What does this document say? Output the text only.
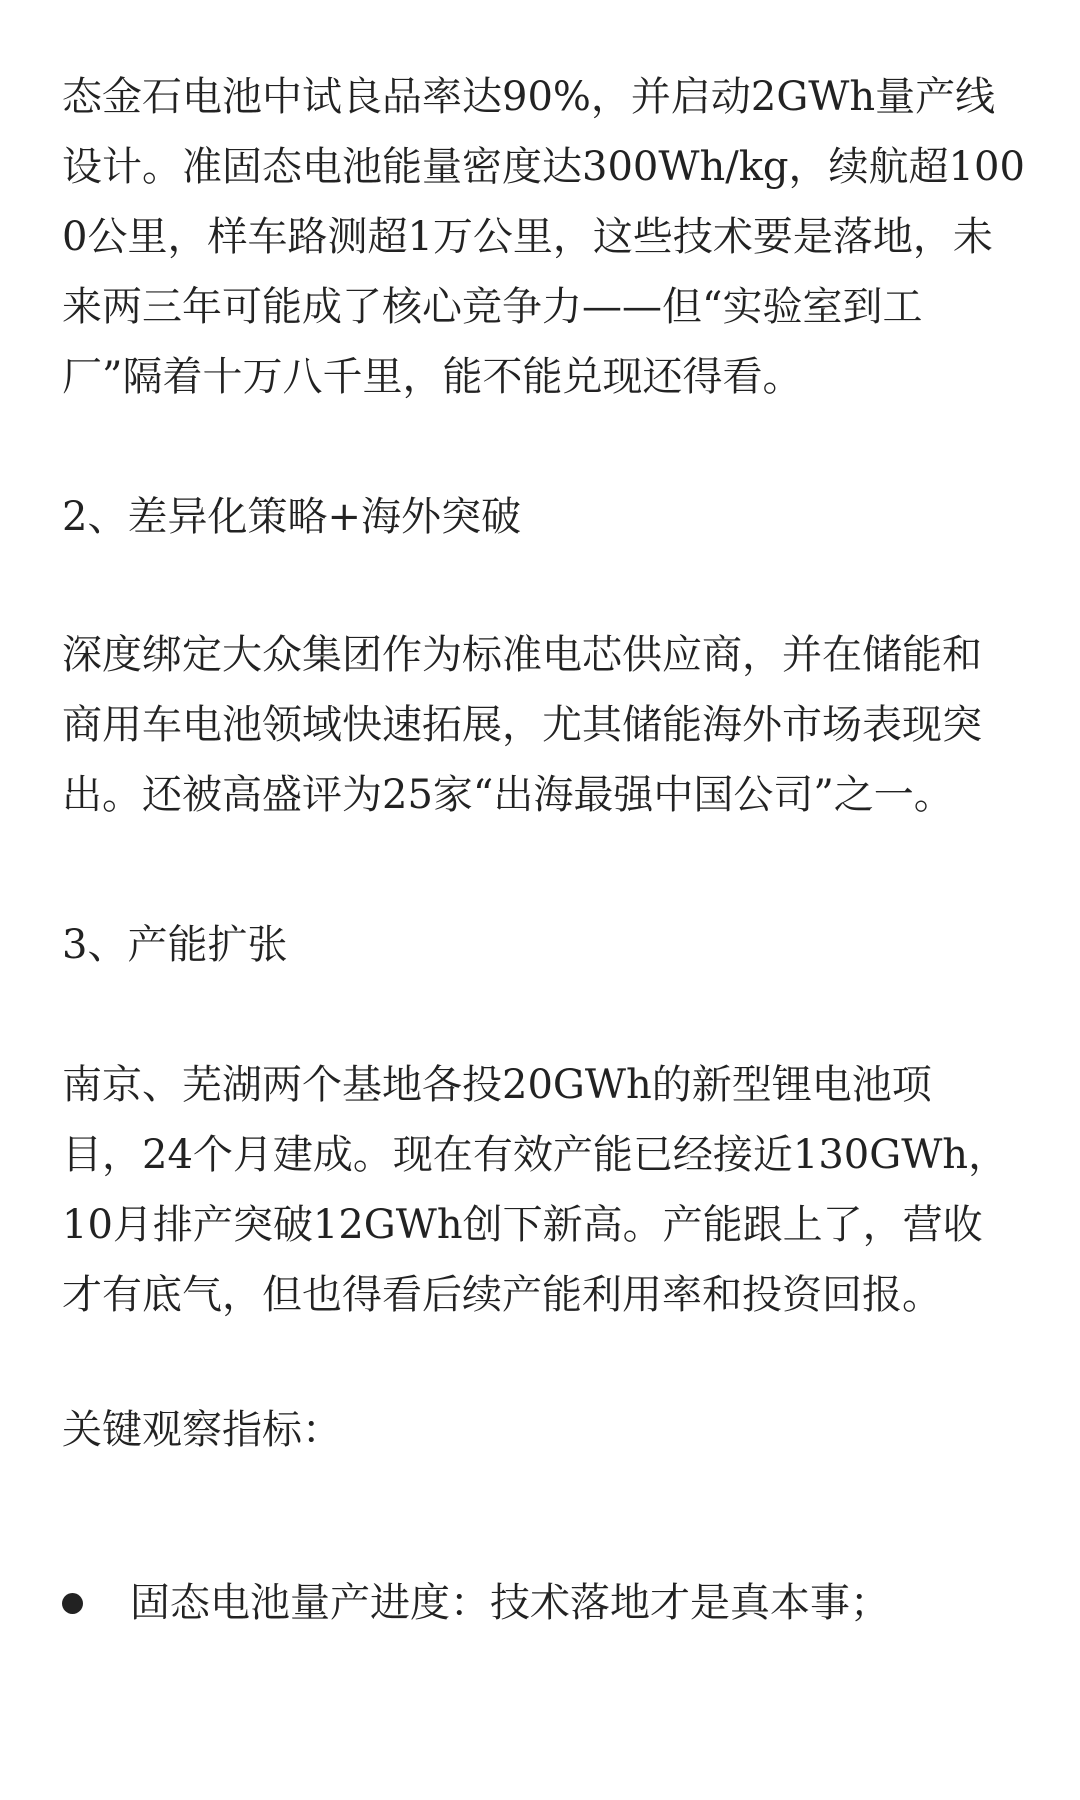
态金石电池中试良品率达90%，并启动2GWh量产线
设计。准固态电池能量密度达300Wh/kg，续航超100
0公里，样车路测超1万公里，这些技术要是落地，未
来两三年可能成了核心竞争力——但“实验室到工
厂”隔着十万八千里，能不能兑现还得看。
2、差异化策略+海外突破
深度绑定大众集团作为标准电芯供应商，并在储能和
商用车电池领域快速拓展，尤其储能海外市场表现突
出。还被高盛评为25家“出海最强中国公司”之一。
3、产能扩张
南京、芜湖两个基地各投20GWh的新型锂电池项
目，24个月建成。现在有效产能已经接近130GWh，
10月排产突破12GWh创下新高。产能跟上了，营收
才有底气，但也得看后续产能利用率和投资回报。
关键观察指标：
固态电池量产进度：技术落地才是真本事；
